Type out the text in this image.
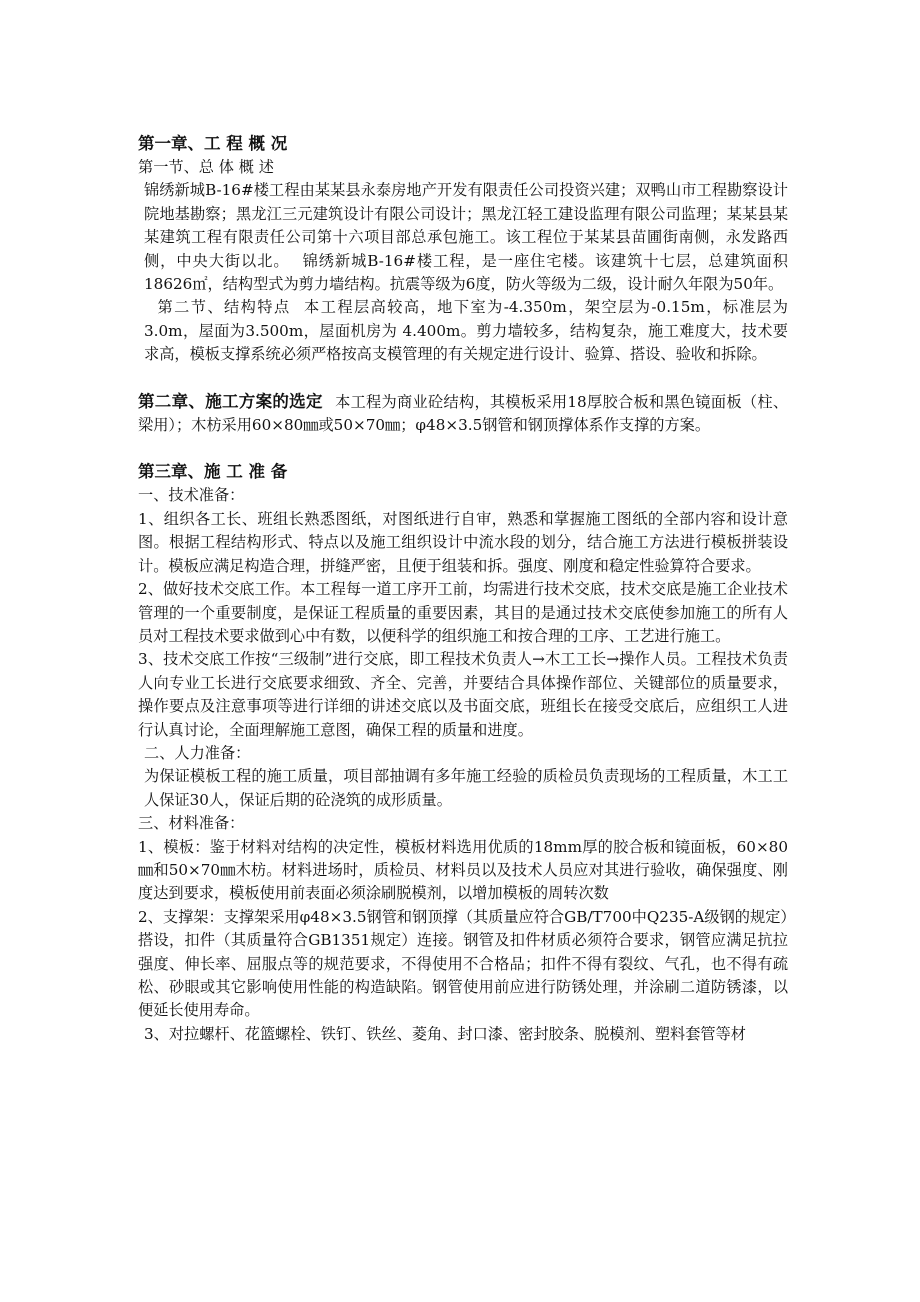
第一章、工 程 概 况

第一节、总 体 概 述

锦绣新城B-16#楼工程由某某县永泰房地产开发有限责任公司投资兴建；双鸭山市工程勘察设计院地基勘察；黑龙江三元建筑设计有限公司设计；黑龙江轻工建设监理有限公司监理；某某县某某建筑工程有限责任公司第十六项目部总承包施工。该工程位于某某县苗圃街南侧，永发路西侧，中央大街以北。 锦绣新城B-16#楼工程，是一座住宅楼。该建筑十七层，总建筑面积18626㎡，结构型式为剪力墙结构。抗震等级为6度，防火等级为二级，设计耐久年限为50年。

第二节、结构特点 本工程层高较高，地下室为-4.350m，架空层为-0.15m，标准层为3.0m，屋面为3.500m，屋面机房为 4.400m。剪力墙较多，结构复杂，施工难度大，技术要求高，模板支撑系统必须严格按高支模管理的有关规定进行设计、验算、搭设、验收和拆除。

第二章、施工方案的选定 本工程为商业砼结构，其模板采用18厚胶合板和黑色镜面板（柱、梁用）；木枋采用60×80㎜或50×70㎜；φ48×3.5钢管和钢顶撑体系作支撑的方案。

第三章、施 工 准 备

一、技术准备：

1、组织各工长、班组长熟悉图纸，对图纸进行自审，熟悉和掌握施工图纸的全部内容和设计意图。根据工程结构形式、特点以及施工组织设计中流水段的划分，结合施工方法进行模板拼装设计。模板应满足构造合理，拼缝严密，且便于组装和拆。强度、刚度和稳定性验算符合要求。

2、做好技术交底工作。本工程每一道工序开工前，均需进行技术交底，技术交底是施工企业技术管理的一个重要制度，是保证工程质量的重要因素，其目的是通过技术交底使参加施工的所有人员对工程技术要求做到心中有数，以便科学的组织施工和按合理的工序、工艺进行施工。

3、技术交底工作按“三级制”进行交底，即工程技术负责人→木工工长→操作人员。工程技术负责人向专业工长进行交底要求细致、齐全、完善，并要结合具体操作部位、关键部位的质量要求，操作要点及注意事项等进行详细的讲述交底以及书面交底，班组长在接受交底后，应组织工人进行认真讨论，全面理解施工意图，确保工程的质量和进度。

二、人力准备：

为保证模板工程的施工质量，项目部抽调有多年施工经验的质检员负责现场的工程质量，木工工人保证30人，保证后期的砼浇筑的成形质量。

三、材料准备：

1、模板：鉴于材料对结构的决定性，模板材料选用优质的18mm厚的胶合板和镜面板，60×80㎜和50×70㎜木枋。材料进场时，质检员、材料员以及技术人员应对其进行验收，确保强度、刚度达到要求，模板使用前表面必须涂刷脱模剂，以增加模板的周转次数

2、支撑架：支撑架采用φ48×3.5钢管和钢顶撑（其质量应符合GB/T700中Q235-A级钢的规定）搭设，扣件（其质量符合GB1351规定）连接。钢管及扣件材质必须符合要求，钢管应满足抗拉强度、伸长率、屈服点等的规范要求，不得使用不合格品；扣件不得有裂纹、气孔，也不得有疏松、砂眼或其它影响使用性能的构造缺陷。钢管使用前应进行防锈处理，并涂刷二道防锈漆，以便延长使用寿命。

3、对拉螺杆、花篮螺栓、铁钉、铁丝、菱角、封口漆、密封胶条、脱模剂、塑料套管等材
